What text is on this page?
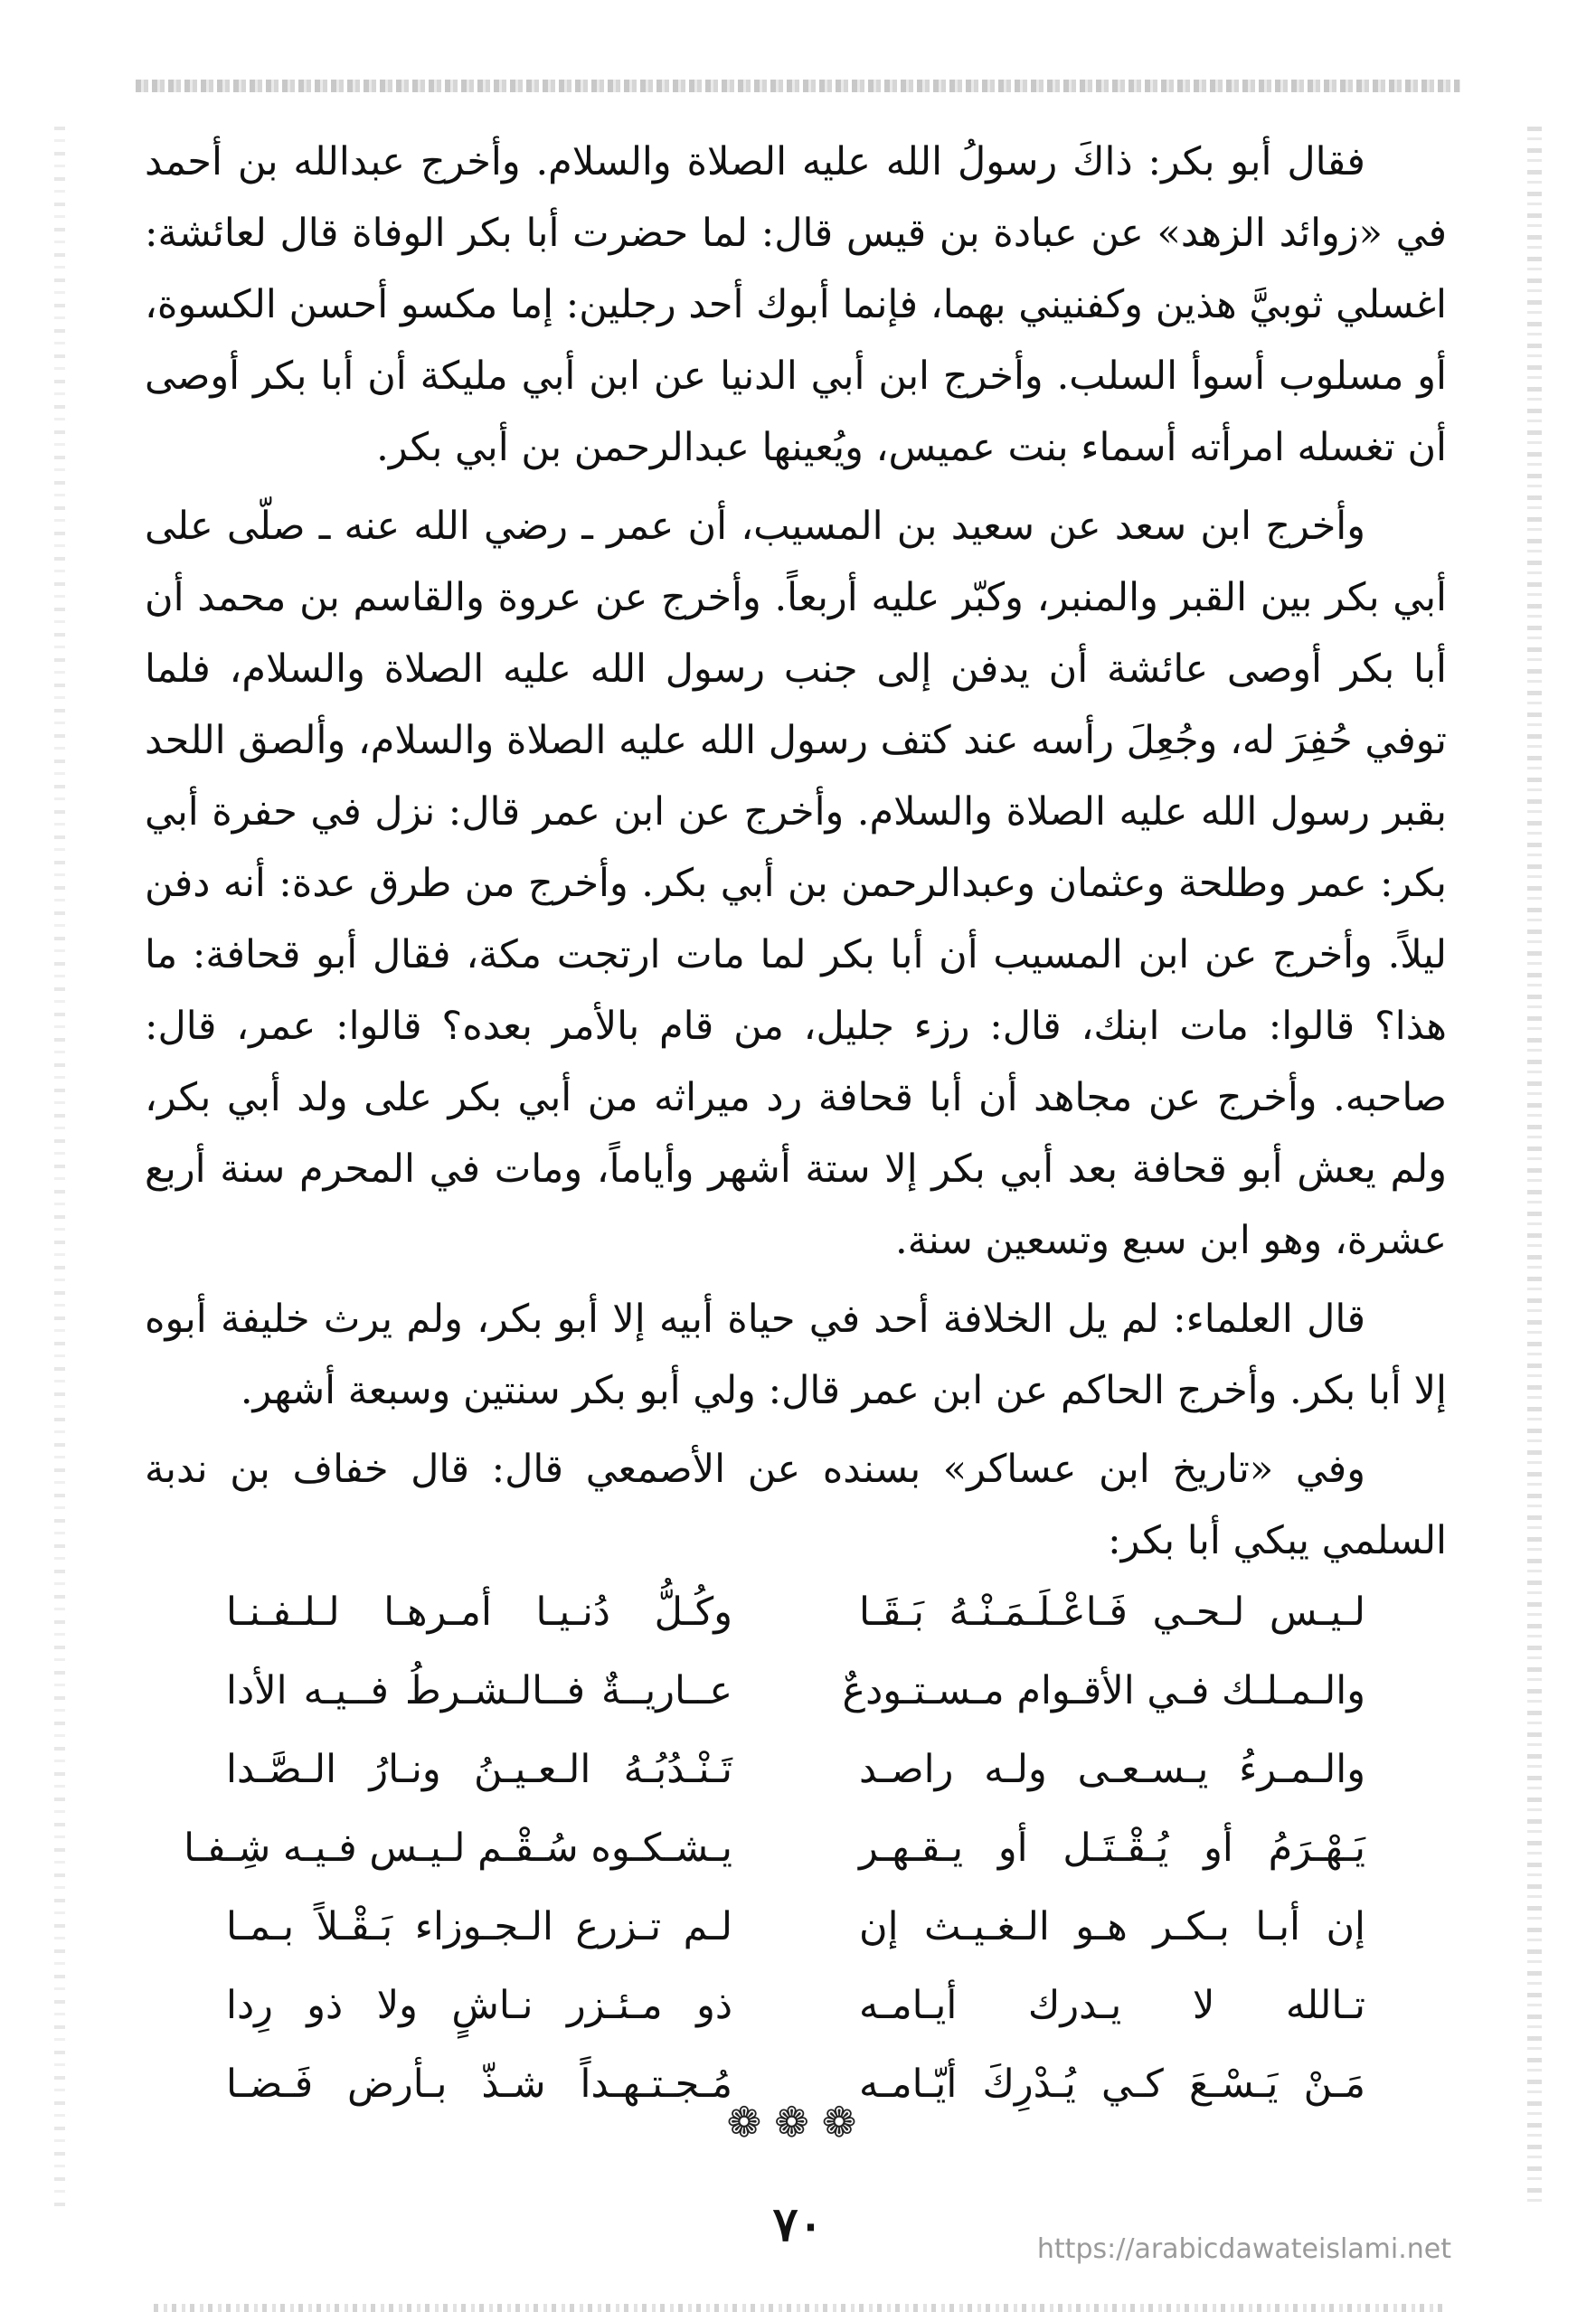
فقال أبو بكر: ذاكَ رسولُ الله عليه الصلاة والسلام. وأخرج عبدالله بن أحمد في «زوائد الزهد» عن عبادة بن قيس قال: لما حضرت أبا بكر الوفاة قال لعائشة: اغسلي ثوبيَّ هذين وكفنيني بهما، فإنما أبوك أحد رجلين: إما مكسو أحسن الكسوة، أو مسلوب أسوأ السلب. وأخرج ابن أبي الدنيا عن ابن أبي مليكة أن أبا بكر أوصى أن تغسله امرأته أسماء بنت عميس، ويُعينها عبدالرحمن بن أبي بكر.

وأخرج ابن سعد عن سعيد بن المسيب، أن عمر ـ رضي الله عنه ـ صلّى على أبي بكر بين القبر والمنبر، وكبّر عليه أربعاً. وأخرج عن عروة والقاسم بن محمد أن أبا بكر أوصى عائشة أن يدفن إلى جنب رسول الله عليه الصلاة والسلام، فلما توفي حُفِرَ له، وجُعِلَ رأسه عند كتف رسول الله عليه الصلاة والسلام، وألصق اللحد بقبر رسول الله عليه الصلاة والسلام. وأخرج عن ابن عمر قال: نزل في حفرة أبي بكر: عمر وطلحة وعثمان وعبدالرحمن بن أبي بكر. وأخرج من طرق عدة: أنه دفن ليلاً. وأخرج عن ابن المسيب أن أبا بكر لما مات ارتجت مكة، فقال أبو قحافة: ما هذا؟ قالوا: مات ابنك، قال: رزء جليل، من قام بالأمر بعده؟ قالوا: عمر، قال: صاحبه. وأخرج عن مجاهد أن أبا قحافة رد ميراثه من أبي بكر على ولد أبي بكر، ولم يعش أبو قحافة بعد أبي بكر إلا ستة أشهر وأياماً، ومات في المحرم سنة أربع عشرة، وهو ابن سبع وتسعين سنة.

قال العلماء: لم يل الخلافة أحد في حياة أبيه إلا أبو بكر، ولم يرث خليفة أبوه إلا أبا بكر. وأخرج الحاكم عن ابن عمر قال: ولي أبو بكر سنتين وسبعة أشهر.

وفي «تاريخ ابن عساكر» بسنده عن الأصمعي قال: قال خفاف بن ندبة السلمي يبكي أبا بكر:

لـيـس لـحـي فَـاعْـلَـمَـنْـهُ بَـقَـا
وكُـلُّ دُنـيـا أمـرهـا لـلـفـنـا
والـمـلـك فـي الأقـوام مـسـتـودعٌ
عــاريــةٌ فــالـشـرطُ فــيـه الأدا
والـمـرءُ يـسـعـى ولـه راصـد
تَـنْـدُبُـهُ الـعـيـنُ ونـارُ الـصَّـدا
يَـهْـرَمُ أو يُـقْـتَـل أو يـقـهـر
يـشـكـوه سُـقْـم لـيـس فـيـه شِـفـا
إن أبـا بـكـر هـو الـغـيـث إن
لـم تـزرع الـجـوزاء بَـقْـلاً بـمـا
تـالله لا يـدرك أيـامـه
ذو مـئـزر نـاشٍ ولا ذو رِدا
مَـنْ يَـسْـعَ كـي يُـدْرِكَ أيّـامـه
مُـجـتـهـداً شـذّ بـأرض فَـضـا
❁❁❁
٧٠	https://arabicdawateislami.net
